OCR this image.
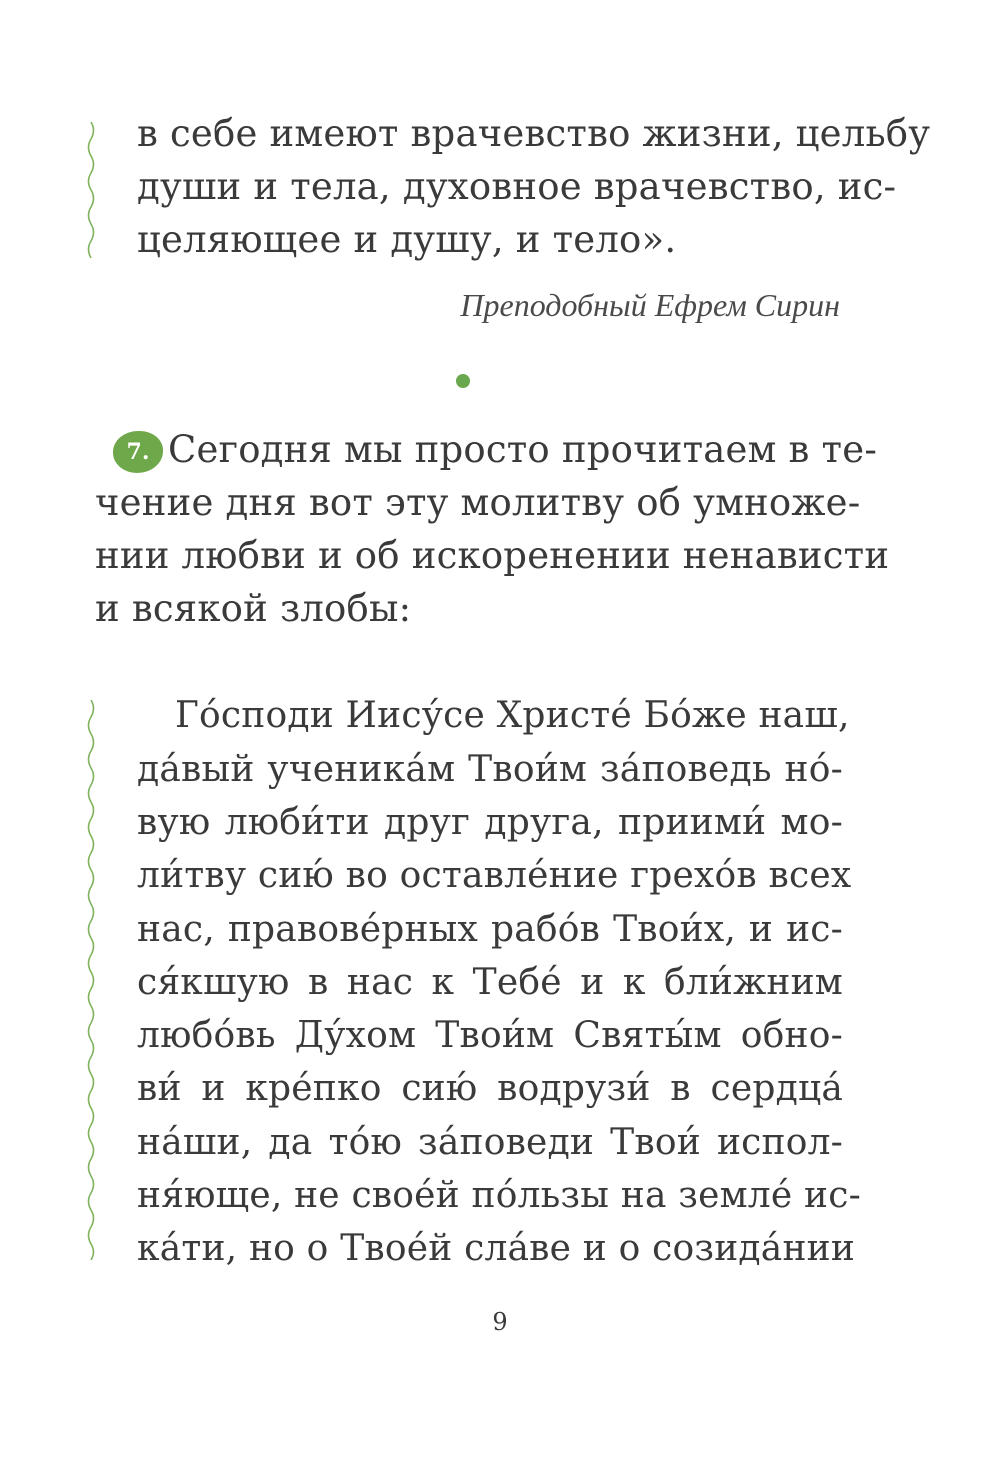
в себе имеют врачевство жизни, цельбу
души и тела, духовное врачевство, ис-
целяющее и душу, и тело».
Преподобный Ефрем Сирин
7. Сегодня мы просто прочитаем в те-
чение дня вот эту молитву об умноже-
нии любви и об искоренении ненависти
и всякой злобы:
Го́споди Иису́се Христе́ Бо́же наш,
да́вый ученика́м Твои́м за́поведь но́-
вую люби́ти друг друга, приими́ мо-
ли́тву сию́ во оставле́ние грехо́в всех
нас, правове́рных рабо́в Твои́х, и ис-
ся́кшую в нас к Тебе́ и к бли́жним
любо́вь Ду́хом Твои́м Святы́м обно-
ви́ и кре́пко сию́ водрузи́ в сердца́
на́ши, да то́ю за́поведи Твои́ испол-
ня́юще, не свое́й по́льзы на земле́ ис-
ка́ти, но о Твое́й сла́ве и о созида́нии
9
